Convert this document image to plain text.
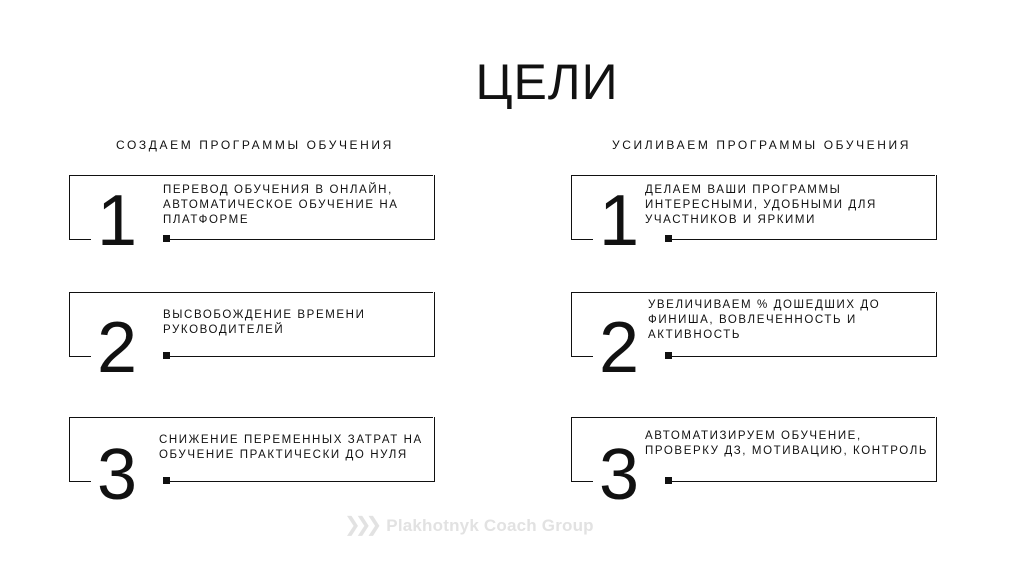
ЦЕЛИ
СОЗДАЕМ ПРОГРАММЫ ОБУЧЕНИЯ	УСИЛИВАЕМ ПРОГРАММЫ ОБУЧЕНИЯ
1 ПЕРЕВОД ОБУЧЕНИЯ В ОНЛАЙН, АВТОМАТИЧЕСКОЕ ОБУЧЕНИЕ НА ПЛАТФОРМЕ
2 ВЫСВОБОЖДЕНИЕ ВРЕМЕНИ РУКОВОДИТЕЛЕЙ
3 СНИЖЕНИЕ ПЕРЕМЕННЫХ ЗАТРАТ НА ОБУЧЕНИЕ ПРАКТИЧЕСКИ ДО НУЛЯ
1 ДЕЛАЕМ ВАШИ ПРОГРАММЫ ИНТЕРЕСНЫМИ, УДОБНЫМИ ДЛЯ УЧАСТНИКОВ И ЯРКИМИ
2
УВЕЛИЧИВАЕМ % ДОШЕДШИХ ДО ФИНИША, ВОВЛЕЧЕННОСТЬ И АКТИВНОСТЬ
3 АВТОМАТИЗИРУЕМ ОБУЧЕНИЕ, ПРОВЕРКУ ДЗ, МОТИВАЦИЮ, КОНТРОЛЬ
❯❯❯ Plakhotnyk Coach Group
